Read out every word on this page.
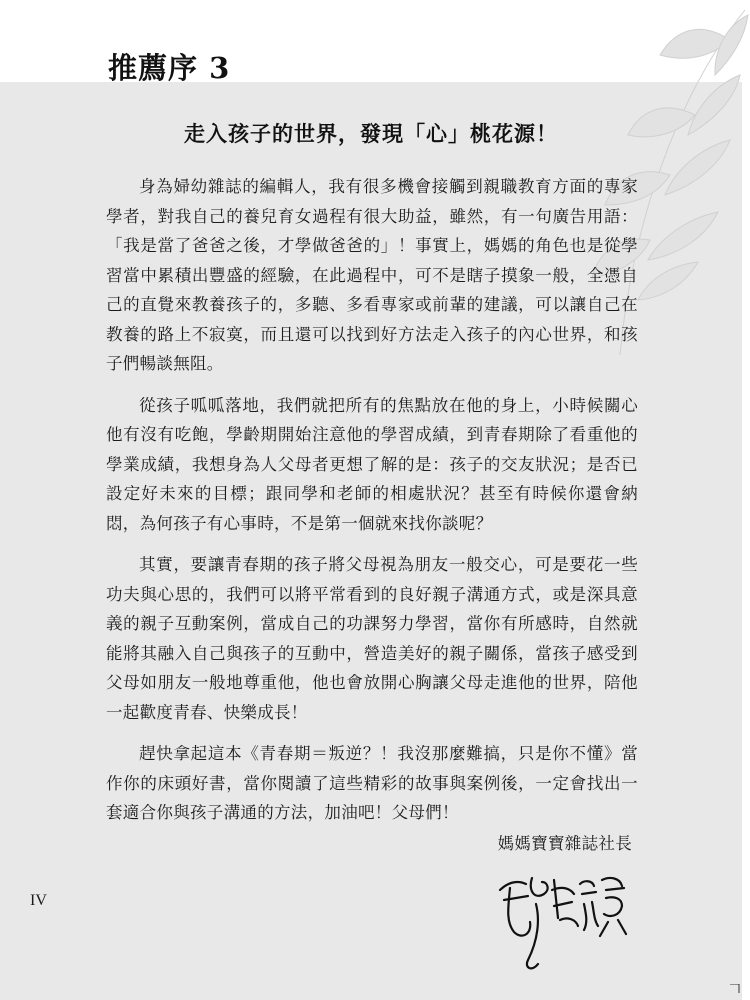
推薦序 3
走入孩子的世界，發現「心」桃花源！

身為婦幼雜誌的編輯人，我有很多機會接觸到親職教育方面的專家學者，對我自己的養兒育女過程有很大助益，雖然，有一句廣告用語：「我是當了爸爸之後，才學做爸爸的」！事實上，媽媽的角色也是從學習當中累積出豐盛的經驗，在此過程中，可不是瞎子摸象一般，全憑自己的直覺來教養孩子的，多聽、多看專家或前輩的建議，可以讓自己在教養的路上不寂寞，而且還可以找到好方法走入孩子的內心世界，和孩子們暢談無阻。

從孩子呱呱落地，我們就把所有的焦點放在他的身上，小時候關心他有沒有吃飽，學齡期開始注意他的學習成績，到青春期除了看重他的學業成績，我想身為人父母者更想了解的是：孩子的交友狀況；是否已設定好未來的目標；跟同學和老師的相處狀況？甚至有時候你還會納悶，為何孩子有心事時，不是第一個就來找你談呢？

其實，要讓青春期的孩子將父母視為朋友一般交心，可是要花一些功夫與心思的，我們可以將平常看到的良好親子溝通方式，或是深具意義的親子互動案例，當成自己的功課努力學習，當你有所感時，自然就能將其融入自己與孩子的互動中，營造美好的親子關係，當孩子感受到父母如朋友一般地尊重他，他也會放開心胸讓父母走進他的世界，陪他一起歡度青春、快樂成長！

趕快拿起這本《青春期＝叛逆？！我沒那麼難搞，只是你不懂》當作你的床頭好書，當你閱讀了這些精彩的故事與案例後，一定會找出一套適合你與孩子溝通的方法，加油吧！父母們！

媽媽寶寶雜誌社長

IV
